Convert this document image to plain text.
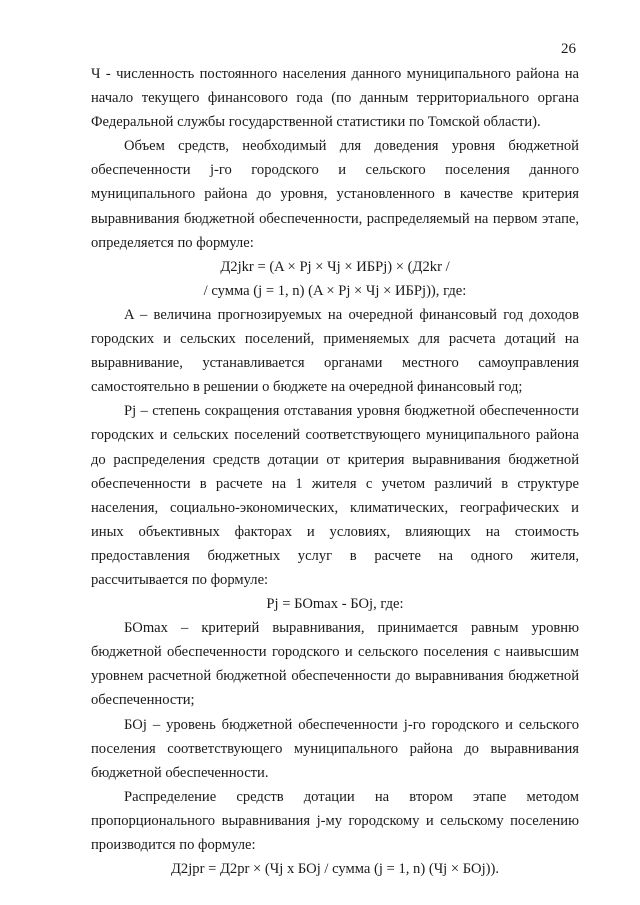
26

Ч - численность постоянного населения данного муниципального района на начало текущего финансового года (по данным территориального органа Федеральной службы государственной статистики по Томской области).

Объем средств, необходимый для доведения уровня бюджетной обеспеченности j-го городского и сельского поселения данного муниципального района до уровня, установленного в качестве критерия выравнивания бюджетной обеспеченности, распределяемый на первом этапе, определяется по формуле:

Д2jkr = (A × Pj × Чj × ИБРj) × (Д2kr /

/ сумма (j = 1, n) (A × Pj × Чj × ИБРj)), где:

A – величина прогнозируемых на очередной финансовый год доходов городских и сельских поселений, применяемых для расчета дотаций на выравнивание, устанавливается органами местного самоуправления самостоятельно в решении о бюджете на очередной финансовый год;

Pj – степень сокращения отставания уровня бюджетной обеспеченности городских и сельских поселений соответствующего муниципального района до распределения средств дотации от критерия выравнивания бюджетной обеспеченности в расчете на 1 жителя с учетом различий в структуре населения, социально-экономических, климатических, географических и иных объективных факторах и условиях, влияющих на стоимость предоставления бюджетных услуг в расчете на одного жителя, рассчитывается по формуле:

Pj = БОmax - БОj, где:

БОmax – критерий выравнивания, принимается равным уровню бюджетной обеспеченности городского и сельского поселения с наивысшим уровнем расчетной бюджетной обеспеченности до выравнивания бюджетной обеспеченности;

БОj – уровень бюджетной обеспеченности j-го городского и сельского поселения соответствующего муниципального района до выравнивания бюджетной обеспеченности.

Распределение средств дотации на втором этапе методом пропорционального выравнивания j-му городскому и сельскому поселению производится по формуле:

Д2jpr = Д2pr × (Чj x БОj / сумма (j = 1, n) (Чj × БОj)).
